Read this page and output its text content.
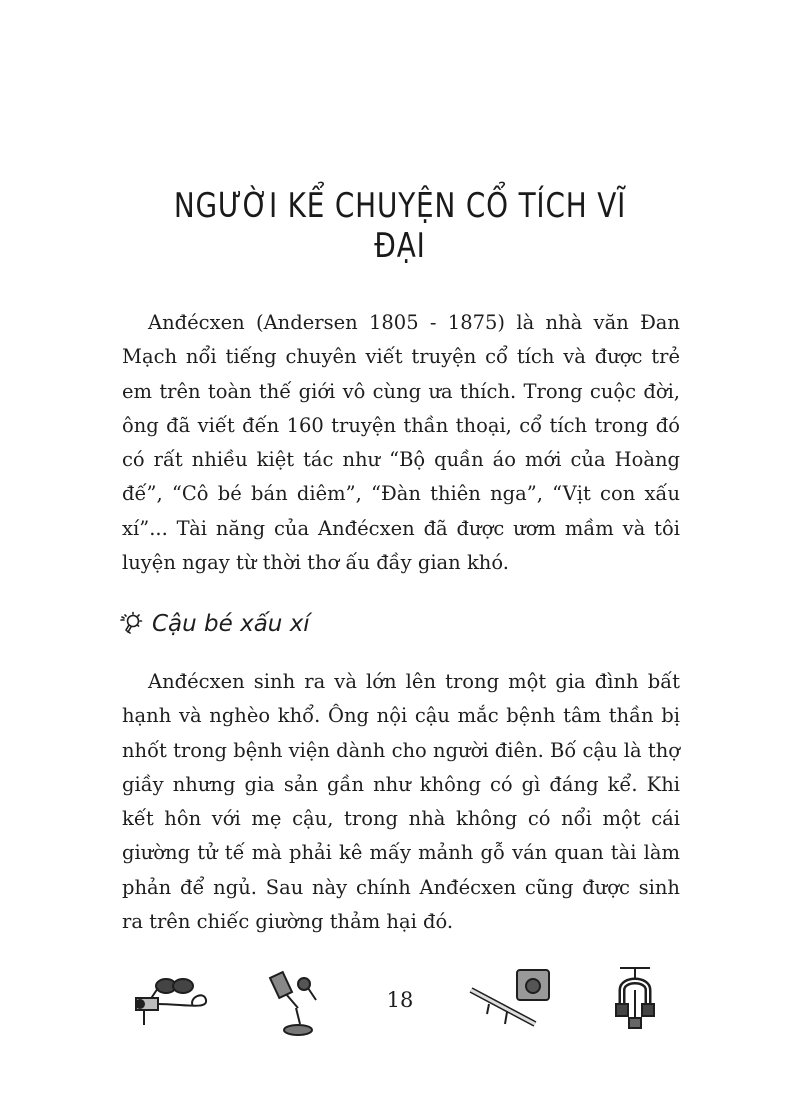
NGƯỜI KỂ CHUYỆN CỔ TÍCH VĨ ĐẠI

Anđécxen (Andersen 1805 - 1875) là nhà văn Đan Mạch nổi tiếng chuyên viết truyện cổ tích và được trẻ em trên toàn thế giới vô cùng ưa thích. Trong cuộc đời, ông đã viết đến 160 truyện thần thoại, cổ tích trong đó có rất nhiều kiệt tác như “Bộ quần áo mới của Hoàng đế”, “Cô bé bán diêm”, “Đàn thiên nga”, “Vịt con xấu xí”... Tài năng của Anđécxen đã được ươm mầm và tôi luyện ngay từ thời thơ ấu đầy gian khó.

Cậu bé xấu xí

Anđécxen sinh ra và lớn lên trong một gia đình bất hạnh và nghèo khổ. Ông nội cậu mắc bệnh tâm thần bị nhốt trong bệnh viện dành cho người điên. Bố cậu là thợ giầy nhưng gia sản gần như không có gì đáng kể. Khi kết hôn với mẹ cậu, trong nhà không có nổi một cái giường tử tế mà phải kê mấy mảnh gỗ ván quan tài làm phản để ngủ. Sau này chính Anđécxen cũng được sinh ra trên chiếc giường thảm hại đó.

18
